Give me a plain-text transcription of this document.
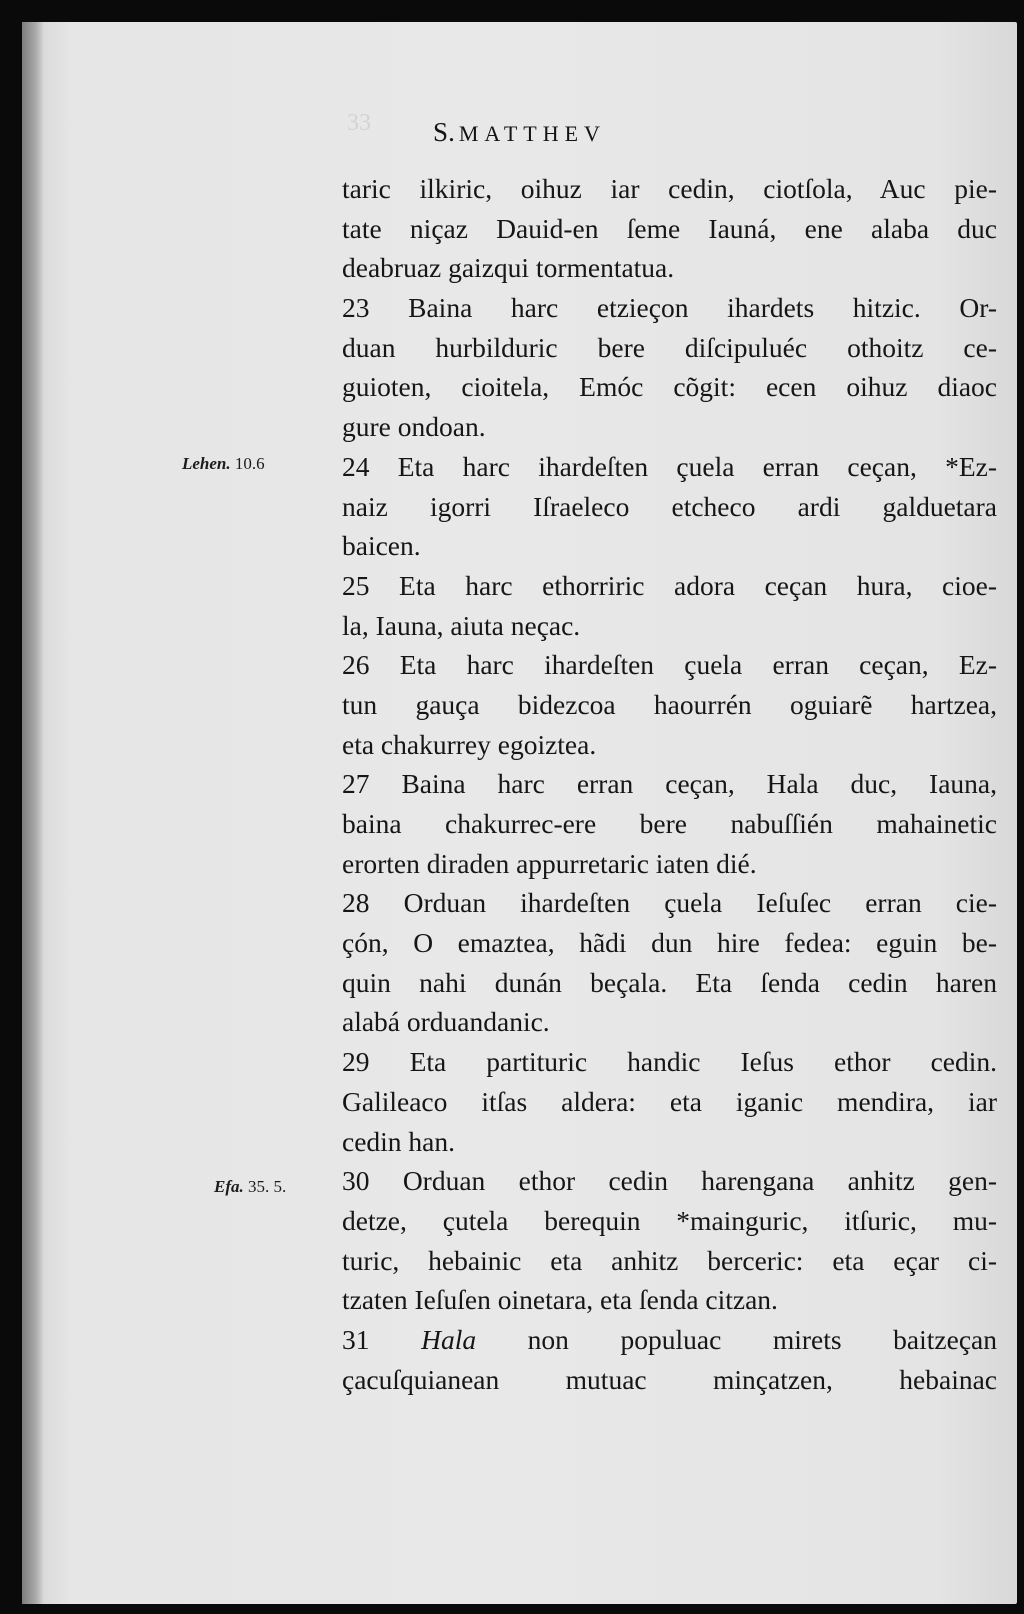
33	S. MATTHEV
Lehen. 10.6
Efa. 35. 5.
taric ilkiric, oihuz iar cedin, ciotſola, Auc pie-
tate niçaz Dauid-en ſeme Iauná, ene alaba duc
deabruaz gaizqui tormentatua.
23 Baina harc etzieçon ihardets hitzic. Or-
duan hurbilduric bere diſcipuluéc othoitz ce-
guioten, cioitela, Emóc cõgit: ecen oihuz diaoc
gure ondoan.
24 Eta harc ihardeſten çuela erran ceçan, *Ez-
naiz igorri Iſraeleco etcheco ardi galduetara
baicen.
25 Eta harc ethorriric adora ceçan hura, cioe-
la, Iauna, aiuta neçac.
26 Eta harc ihardeſten çuela erran ceçan, Ez-
tun gauça bidezcoa haourrén oguiarẽ hartzea,
eta chakurrey egoiztea.
27 Baina harc erran ceçan, Hala duc, Iauna,
baina chakurrec-ere bere nabuſſién mahainetic
erorten diraden appurretaric iaten dié.
28 Orduan ihardeſten çuela Ieſuſec erran cie-
çón, O emaztea, hãdi dun hire fedea: eguin be-
quin nahi dunán beçala. Eta ſenda cedin haren
alabá orduandanic.
29 Eta partituric handic Ieſus ethor cedin.
Galileaco itſas aldera: eta iganic mendira, iar
cedin han.
30 Orduan ethor cedin harengana anhitz gen-
detze, çutela berequin *mainguric, itſuric, mu-
turic, hebainic eta anhitz berceric: eta eçar ci-
tzaten Ieſuſen oinetara, eta ſenda citzan.
31 Hala non populuac mirets baitzeçan
çacuſquianean mutuac minçatzen, hebainac
